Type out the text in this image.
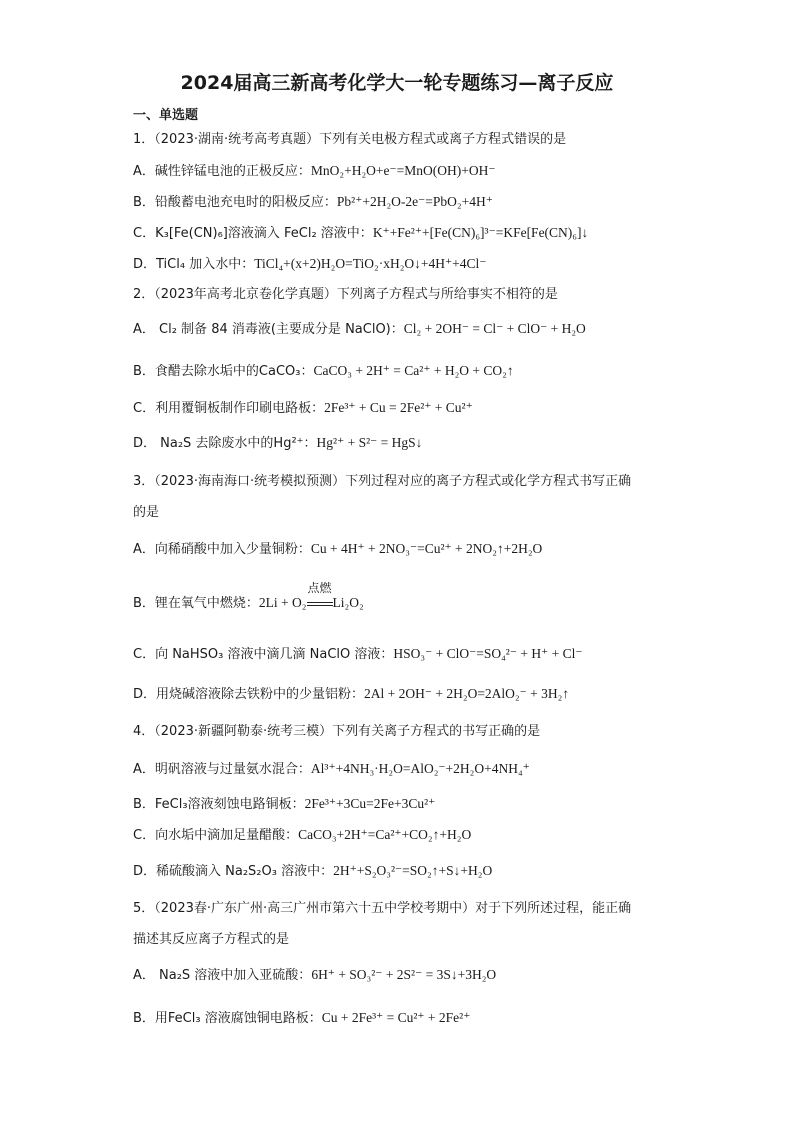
2024届高三新高考化学大一轮专题练习—离子反应
一、单选题
1．（2023·湖南·统考高考真题）下列有关电极方程式或离子方程式错误的是
A．碱性锌锰电池的正极反应：MnO₂+H₂O+e⁻=MnO(OH)+OH⁻
B．铅酸蓄电池充电时的阳极反应：Pb²⁺+2H₂O-2e⁻=PbO₂+4H⁺
C．K₃[Fe(CN)₆]溶液滴入 FeCl₂ 溶液中：K⁺+Fe²⁺+[Fe(CN)₆]³⁻=KFe[Fe(CN)₆]↓
D．TiCl₄ 加入水中：TiCl₄+(x+2)H₂O=TiO₂·xH₂O↓+4H⁺+4Cl⁻
2．（2023年高考北京卷化学真题）下列离子方程式与所给事实不相符的是
A． Cl₂ 制备 84 消毒液(主要成分是 NaClO)：Cl₂ + 2OH⁻ = Cl⁻ + ClO⁻ + H₂O
B．食醋去除水垢中的CaCO₃：CaCO₃ + 2H⁺ = Ca²⁺ + H₂O + CO₂↑
C．利用覆铜板制作印刷电路板：2Fe³⁺ + Cu = 2Fe²⁺ + Cu²⁺
D． Na₂S 去除废水中的Hg²⁺：Hg²⁺ + S²⁻ = HgS↓
3．（2023·海南海口·统考模拟预测）下列过程对应的离子方程式或化学方程式书写正确
的是
A．向稀硝酸中加入少量铜粉：Cu + 4H⁺ + 2NO₃⁻=Cu²⁺ + 2NO₂↑+2H₂O
B．锂在氧气中燃烧：2Li + O₂
点燃
Li₂O₂
C．向 NaHSO₃ 溶液中滴几滴 NaClO 溶液：HSO₃⁻ + ClO⁻=SO₄²⁻ + H⁺ + Cl⁻
D．用烧碱溶液除去铁粉中的少量铝粉：2Al + 2OH⁻ + 2H₂O=2AlO₂⁻ + 3H₂↑
4．（2023·新疆阿勒泰·统考三模）下列有关离子方程式的书写正确的是
A．明矾溶液与过量氨水混合：Al³⁺+4NH₃·H₂O=AlO₂⁻+2H₂O+4NH₄⁺
B．FeCl₃溶液刻蚀电路铜板：2Fe³⁺+3Cu=2Fe+3Cu²⁺
C．向水垢中滴加足量醋酸：CaCO₃+2H⁺=Ca²⁺+CO₂↑+H₂O
D．稀硫酸滴入 Na₂S₂O₃ 溶液中：2H⁺+S₂O₃²⁻=SO₂↑+S↓+H₂O
5．（2023春·广东广州·高三广州市第六十五中学校考期中）对于下列所述过程，能正确
描述其反应离子方程式的是
A． Na₂S 溶液中加入亚硫酸：6H⁺ + SO₃²⁻ + 2S²⁻ = 3S↓+3H₂O
B．用FeCl₃ 溶液腐蚀铜电路板：Cu + 2Fe³⁺ = Cu²⁺ + 2Fe²⁺
